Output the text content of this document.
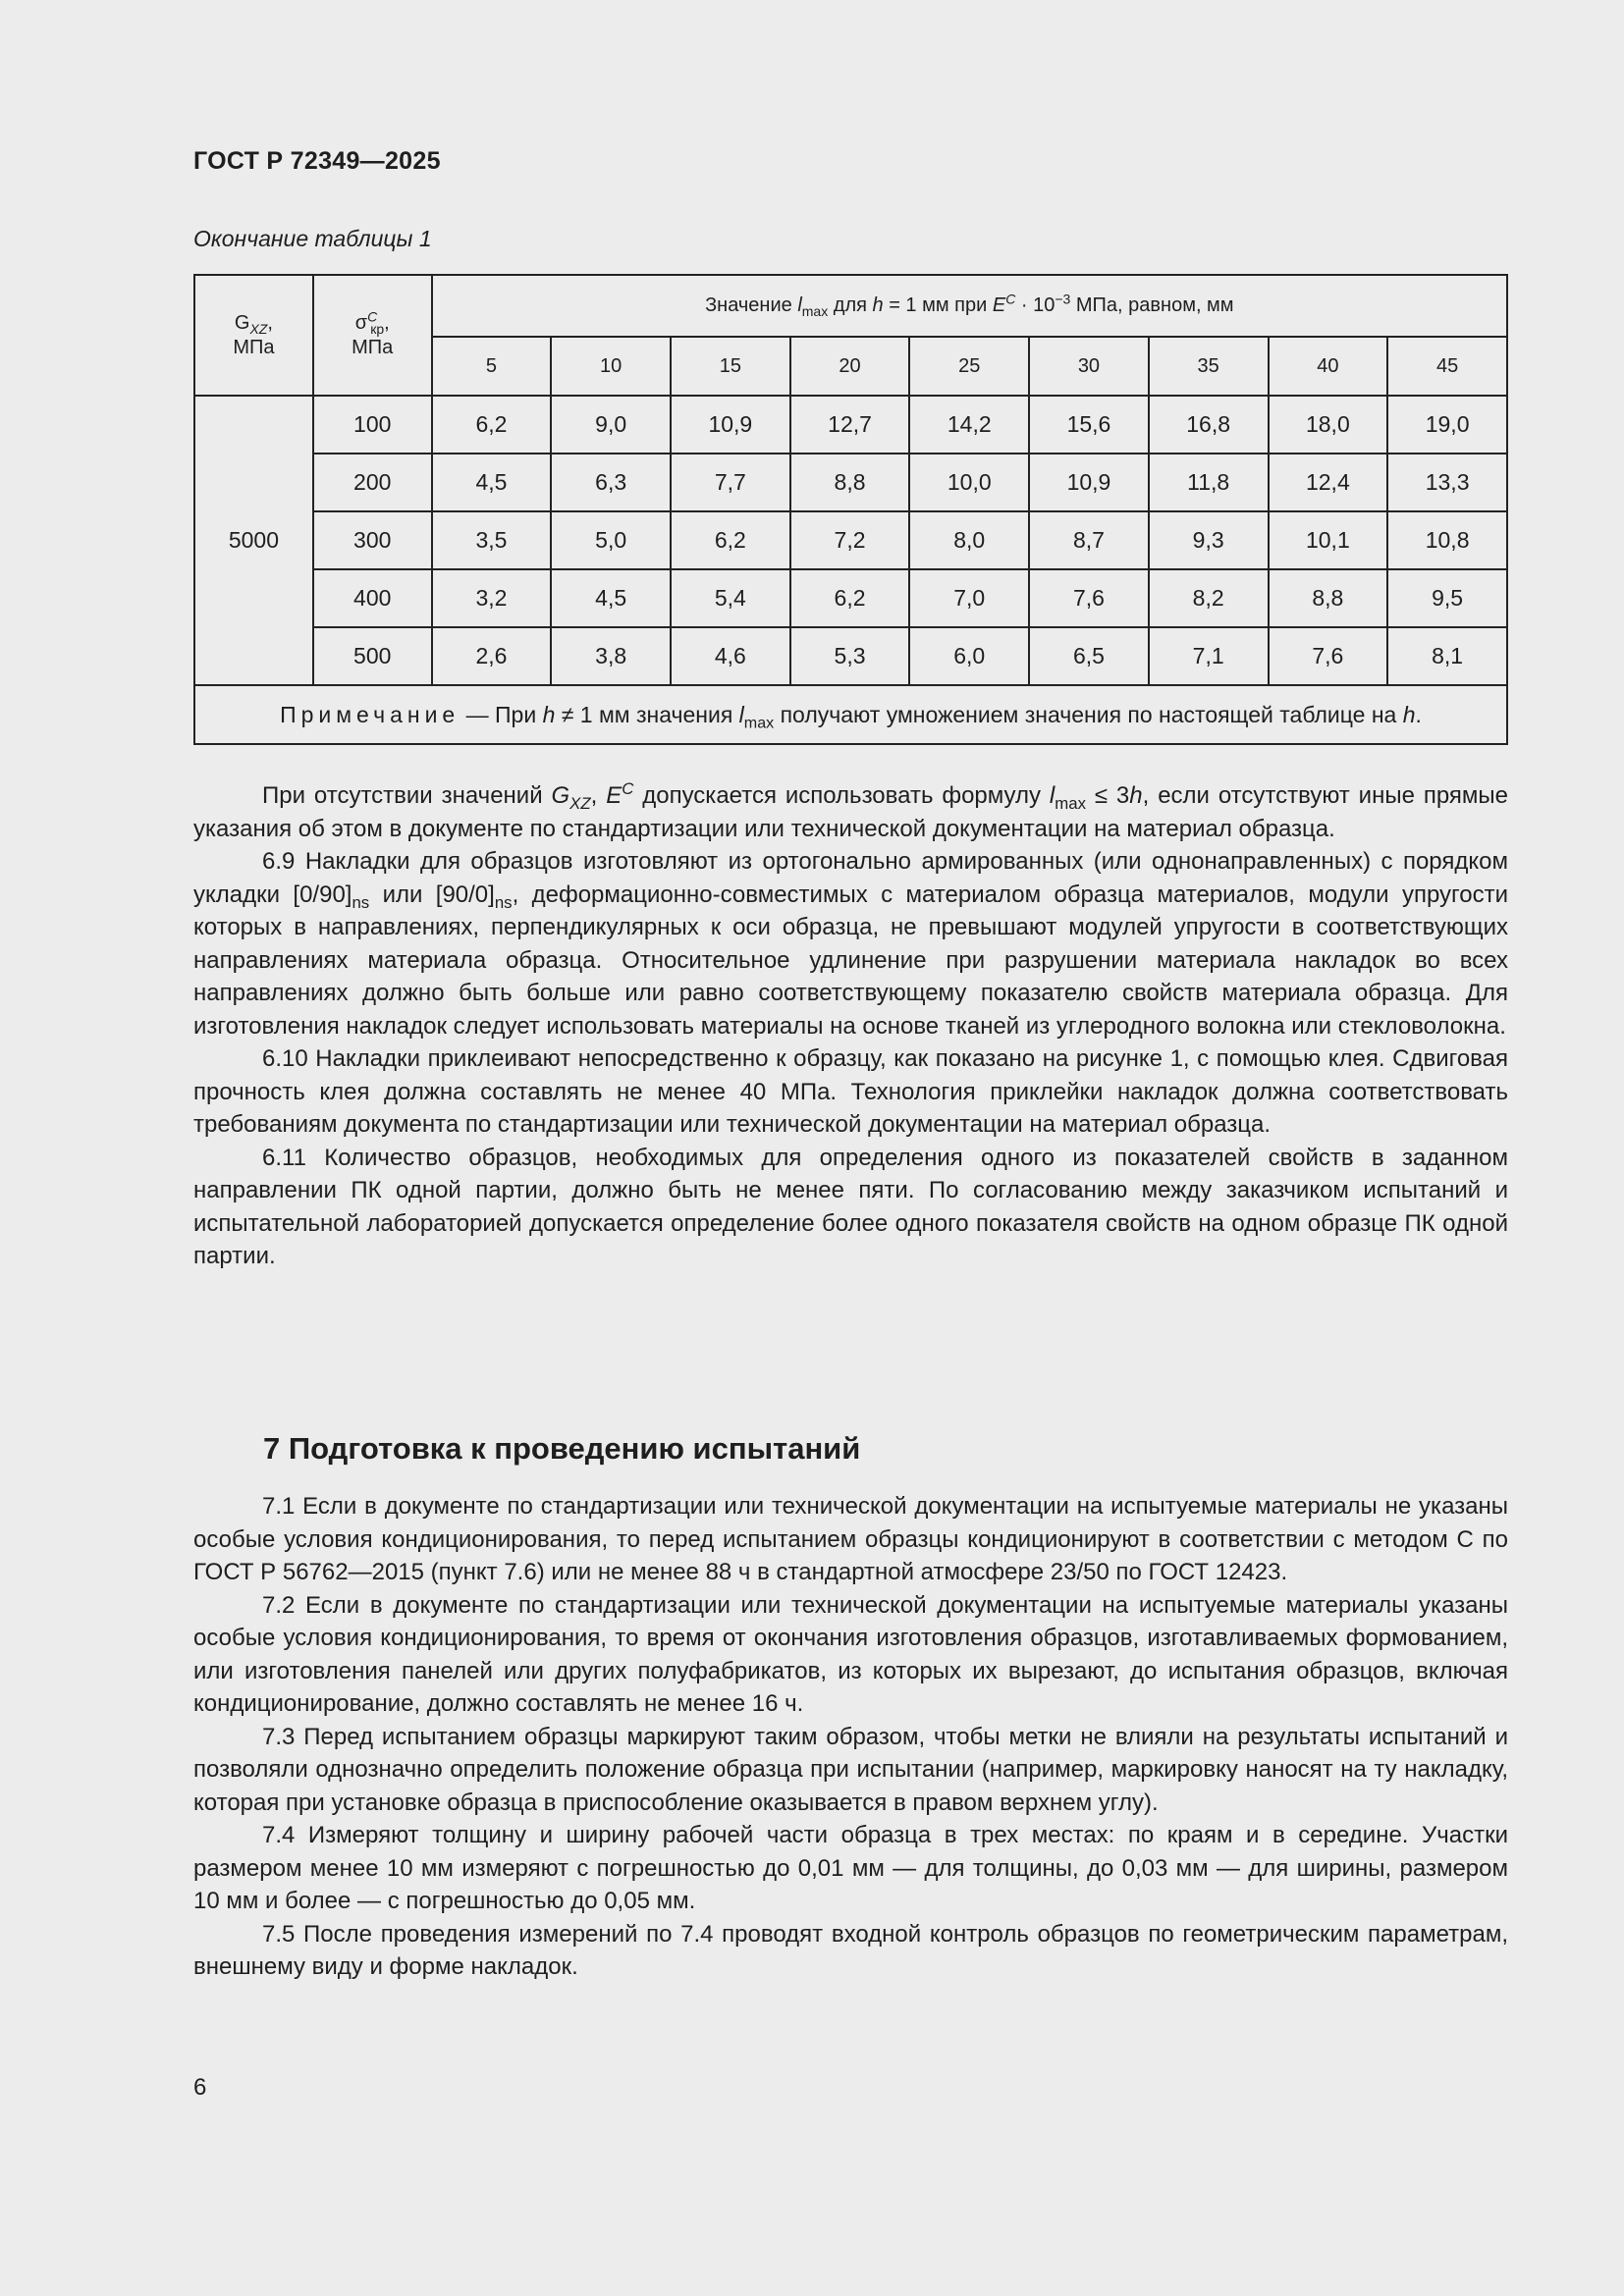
ГОСТ Р 72349—2025
Окончание таблицы 1
$G_{XZ}$,
МПа	$\sigma^C_{кр}$,
МПа	Значение $l_{max}$ для h = 1 мм при $E^C \cdot 10^{-3}$ МПа, равном, мм								
		5	10	15	20	25	30	35	40	45
5000	100	6,2	9,0	10,9	12,7	14,2	15,6	16,8	18,0	19,0
	200	4,5	6,3	7,7	8,8	10,0	10,9	11,8	12,4	13,3
	300	3,5	5,0	6,2	7,2	8,0	8,7	9,3	10,1	10,8
	400	3,2	4,5	5,4	6,2	7,0	7,6	8,2	8,8	9,5
	500	2,6	3,8	4,6	5,3	6,0	6,5	7,1	7,6	8,1
Примечание — При h ≠ 1 мм значения $l_{max}$ получают умножением значения по настоящей таблице на h.										

При отсутствии значений $G_{XZ}$, $E^C$ допускается использовать формулу $l_{max} \le 3h$, если отсутствуют иные прямые указания об этом в документе по стандартизации или технической документации на материал образца.

6.9 Накладки для образцов изготовляют из ортогонально армированных (или однонаправленных) с порядком укладки $[0/90]_{ns}$ или $[90/0]_{ns}$, деформационно-совместимых с материалом образца материалов, модули упругости которых в направлениях, перпендикулярных к оси образца, не превышают модулей упругости в соответствующих направлениях материала образца. Относительное удлинение при разрушении материала накладок во всех направлениях должно быть больше или равно соответствующему показателю свойств материала образца. Для изготовления накладок следует использовать материалы на основе тканей из углеродного волокна или стекловолокна.

6.10 Накладки приклеивают непосредственно к образцу, как показано на рисунке 1, с помощью клея. Сдвиговая прочность клея должна составлять не менее 40 МПа. Технология приклейки накладок должна соответствовать требованиям документа по стандартизации или технической документации на материал образца.

6.11 Количество образцов, необходимых для определения одного из показателей свойств в заданном направлении ПК одной партии, должно быть не менее пяти. По согласованию между заказчиком испытаний и испытательной лабораторией допускается определение более одного показателя свойств на одном образце ПК одной партии.

7 Подготовка к проведению испытаний

7.1 Если в документе по стандартизации или технической документации на испытуемые материалы не указаны особые условия кондиционирования, то перед испытанием образцы кондиционируют в соответствии с методом С по ГОСТ Р 56762—2015 (пункт 7.6) или не менее 88 ч в стандартной атмосфере 23/50 по ГОСТ 12423.

7.2 Если в документе по стандартизации или технической документации на испытуемые материалы указаны особые условия кондиционирования, то время от окончания изготовления образцов, изготавливаемых формованием, или изготовления панелей или других полуфабрикатов, из которых их вырезают, до испытания образцов, включая кондиционирование, должно составлять не менее 16 ч.

7.3 Перед испытанием образцы маркируют таким образом, чтобы метки не влияли на результаты испытаний и позволяли однозначно определить положение образца при испытании (например, маркировку наносят на ту накладку, которая при установке образца в приспособление оказывается в правом верхнем углу).

7.4 Измеряют толщину и ширину рабочей части образца в трех местах: по краям и в середине. Участки размером менее 10 мм измеряют с погрешностью до 0,01 мм — для толщины, до 0,03 мм — для ширины, размером 10 мм и более — с погрешностью до 0,05 мм.

7.5 После проведения измерений по 7.4 проводят входной контроль образцов по геометрическим параметрам, внешнему виду и форме накладок.

6
